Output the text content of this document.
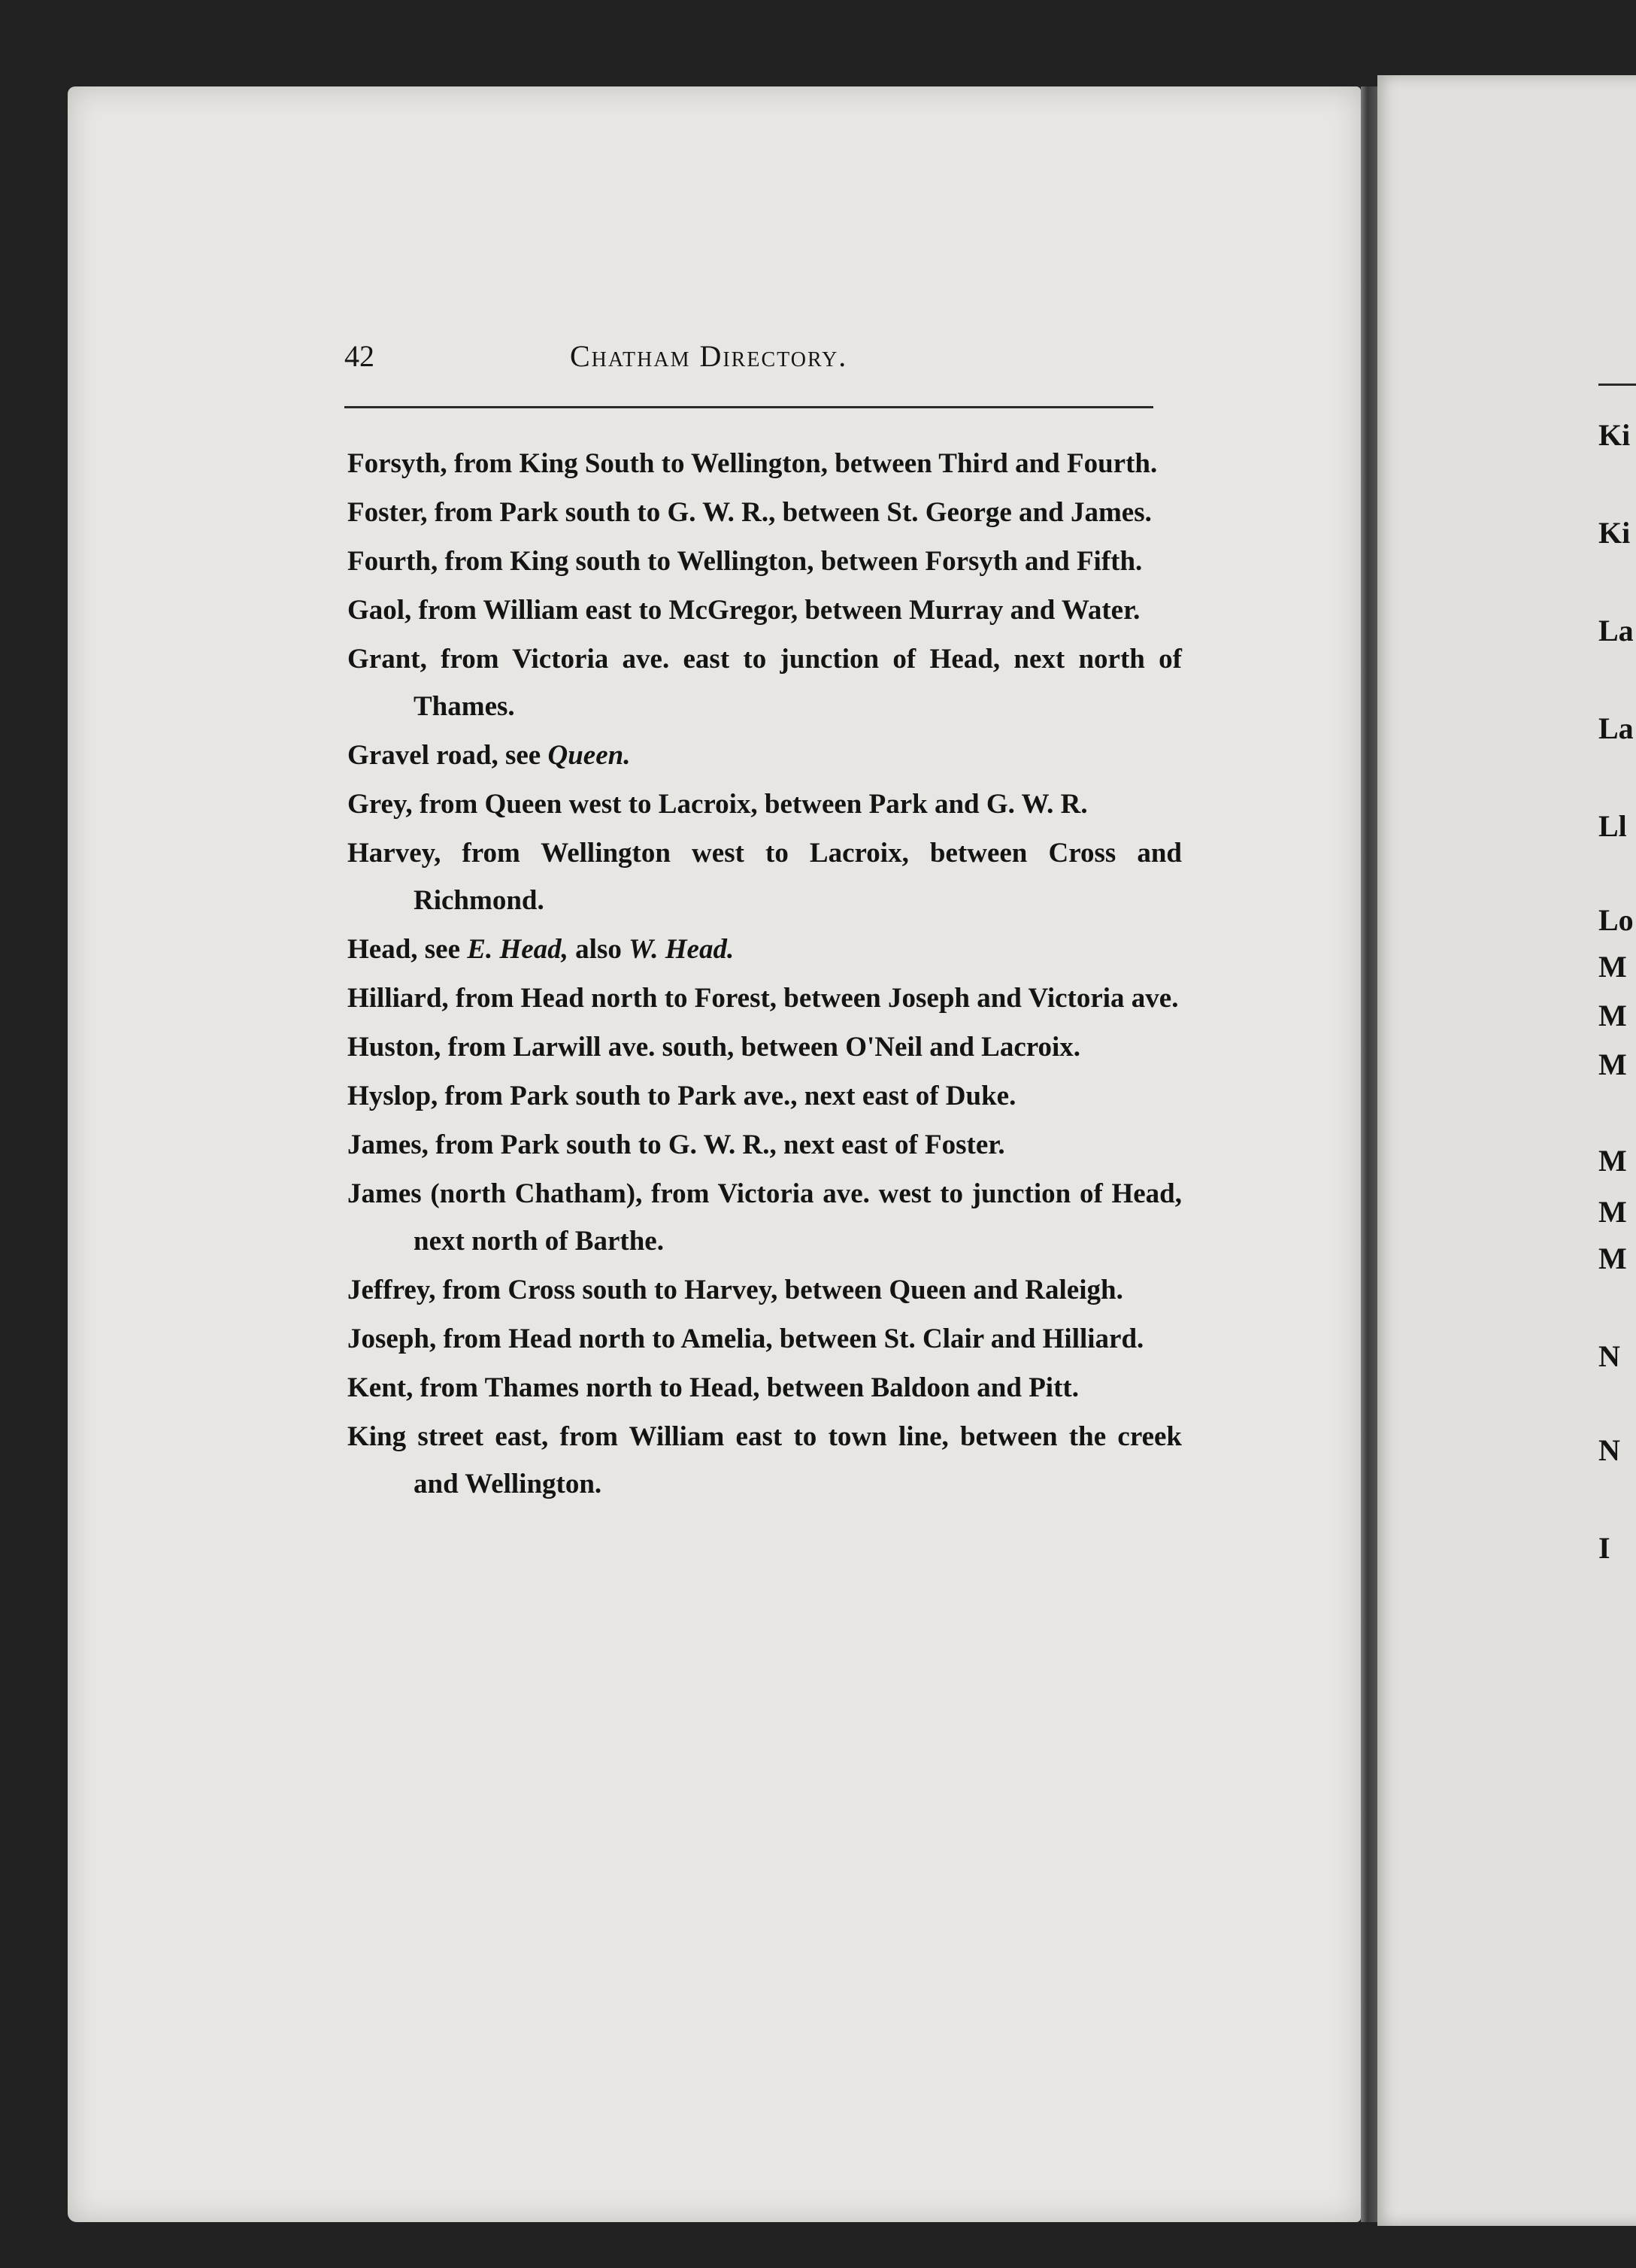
42	Chatham Directory.

Forsyth, from King South to Wellington, between Third and Fourth.

Foster, from Park south to G. W. R., between St. George and James.

Fourth, from King south to Wellington, between Forsyth and Fifth.

Gaol, from William east to McGregor, between Murray and Water.

Grant, from Victoria ave. east to junction of Head, next north of Thames.

Gravel road, see Queen.

Grey, from Queen west to Lacroix, between Park and G. W. R.

Harvey, from Wellington west to Lacroix, between Cross and Richmond.

Head, see E. Head, also W. Head.

Hilliard, from Head north to Forest, between Joseph and Victoria ave.

Huston, from Larwill ave. south, between O'Neil and Lacroix.

Hyslop, from Park south to Park ave., next east of Duke.

James, from Park south to G. W. R., next east of Foster.

James (north Chatham), from Victoria ave. west to junction of Head, next north of Barthe.

Jeffrey, from Cross south to Harvey, between Queen and Raleigh.

Joseph, from Head north to Amelia, between St. Clair and Hilliard.

Kent, from Thames north to Head, between Baldoon and Pitt.

King street east, from William east to town line, between the creek and Wellington.

Ki
Ki
La
La
Ll
Lo
M
M
M
M
M
M
N
N
I
